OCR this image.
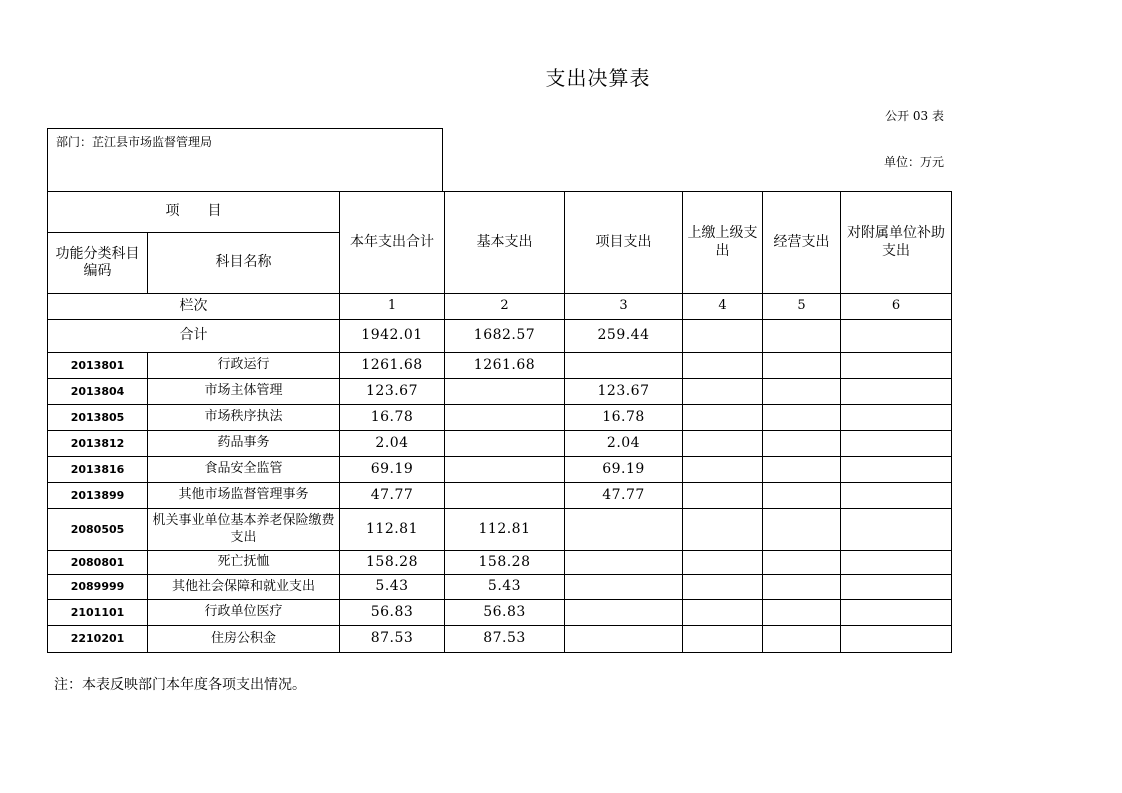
支出决算表
公开 03 表
部门：芷江县市场监督管理局
单位：万元
项　　目		本年支出合计	基本支出	项目支出	上缴上级支出	经营支出	对附属单位补助支出
功能分类科目编码	科目名称						
栏次		1	2	3	4	5	6
合计		1942.01	1682.57	259.44			
2013801	行政运行	1261.68	1261.68				
2013804	市场主体管理	123.67		123.67			
2013805	市场秩序执法	16.78		16.78			
2013812	药品事务	2.04		2.04			
2013816	食品安全监管	69.19		69.19			
2013899	其他市场监督管理事务	47.77		47.77			
2080505	机关事业单位基本养老保险缴费支出	112.81	112.81				
2080801	死亡抚恤	158.28	158.28				
2089999	其他社会保障和就业支出	5.43	5.43				
2101101	行政单位医疗	56.83	56.83				
2210201	住房公积金	87.53	87.53				
注：本表反映部门本年度各项支出情况。
